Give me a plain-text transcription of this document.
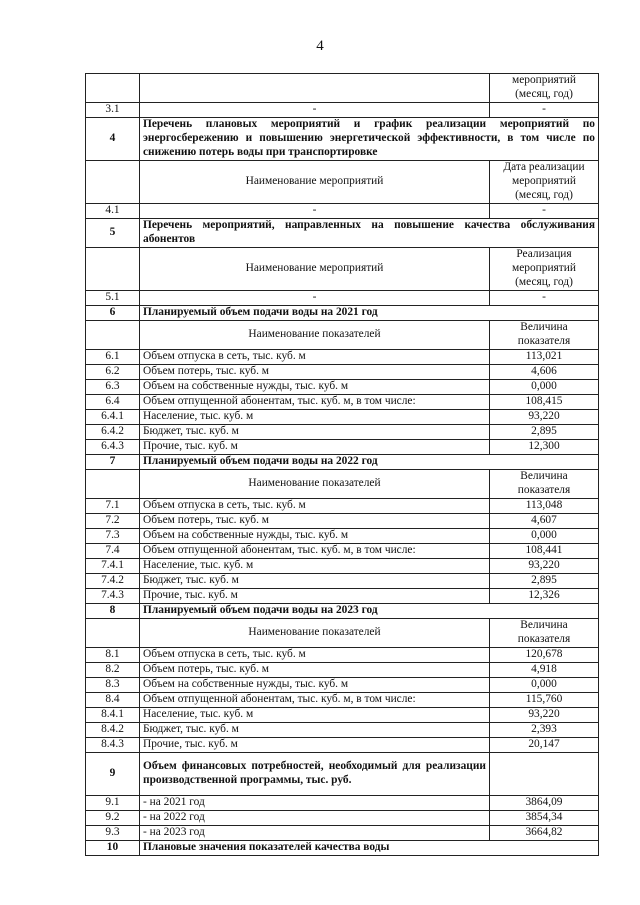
4
		мероприятий (месяц, год)
3.1	-	-
4	Перечень плановых мероприятий и график реализации мероприятий по энергосбережению и повышению энергетической эффективности, в том числе по снижению потерь воды при транспортировке	
	Наименование мероприятий	Дата реализации мероприятий (месяц, год)
4.1	-	-
5	Перечень мероприятий, направленных на повышение качества обслуживания абонентов	
	Наименование мероприятий	Реализация мероприятий (месяц, год)
5.1	-	-
6	Планируемый объем подачи воды на 2021 год	
	Наименование показателей	Величина показателя
6.1	Объем отпуска в сеть, тыс. куб. м	113,021
6.2	Объем потерь, тыс. куб. м	4,606
6.3	Объем на собственные нужды, тыс. куб. м	0,000
6.4	Объем отпущенной абонентам, тыс. куб. м, в том числе:	108,415
6.4.1	Население, тыс. куб. м	93,220
6.4.2	Бюджет, тыс. куб. м	2,895
6.4.3	Прочие, тыс. куб. м	12,300
7	Планируемый объем подачи воды на 2022 год	
	Наименование показателей	Величина показателя
7.1	Объем отпуска в сеть, тыс. куб. м	113,048
7.2	Объем потерь, тыс. куб. м	4,607
7.3	Объем на собственные нужды, тыс. куб. м	0,000
7.4	Объем отпущенной абонентам, тыс. куб. м, в том числе:	108,441
7.4.1	Население, тыс. куб. м	93,220
7.4.2	Бюджет, тыс. куб. м	2,895
7.4.3	Прочие, тыс. куб. м	12,326
8	Планируемый объем подачи воды на 2023 год	
	Наименование показателей	Величина показателя
8.1	Объем отпуска в сеть, тыс. куб. м	120,678
8.2	Объем потерь, тыс. куб. м	4,918
8.3	Объем на собственные нужды, тыс. куб. м	0,000
8.4	Объем отпущенной абонентам, тыс. куб. м, в том числе:	115,760
8.4.1	Население, тыс. куб. м	93,220
8.4.2	Бюджет, тыс. куб. м	2,393
8.4.3	Прочие, тыс. куб. м	20,147
9	Объем финансовых потребностей, необходимый для реализации производственной программы, тыс. руб.	
9.1	- на 2021 год	3864,09
9.2	- на 2022 год	3854,34
9.3	- на 2023 год	3664,82
10	Плановые значения показателей качества воды	
